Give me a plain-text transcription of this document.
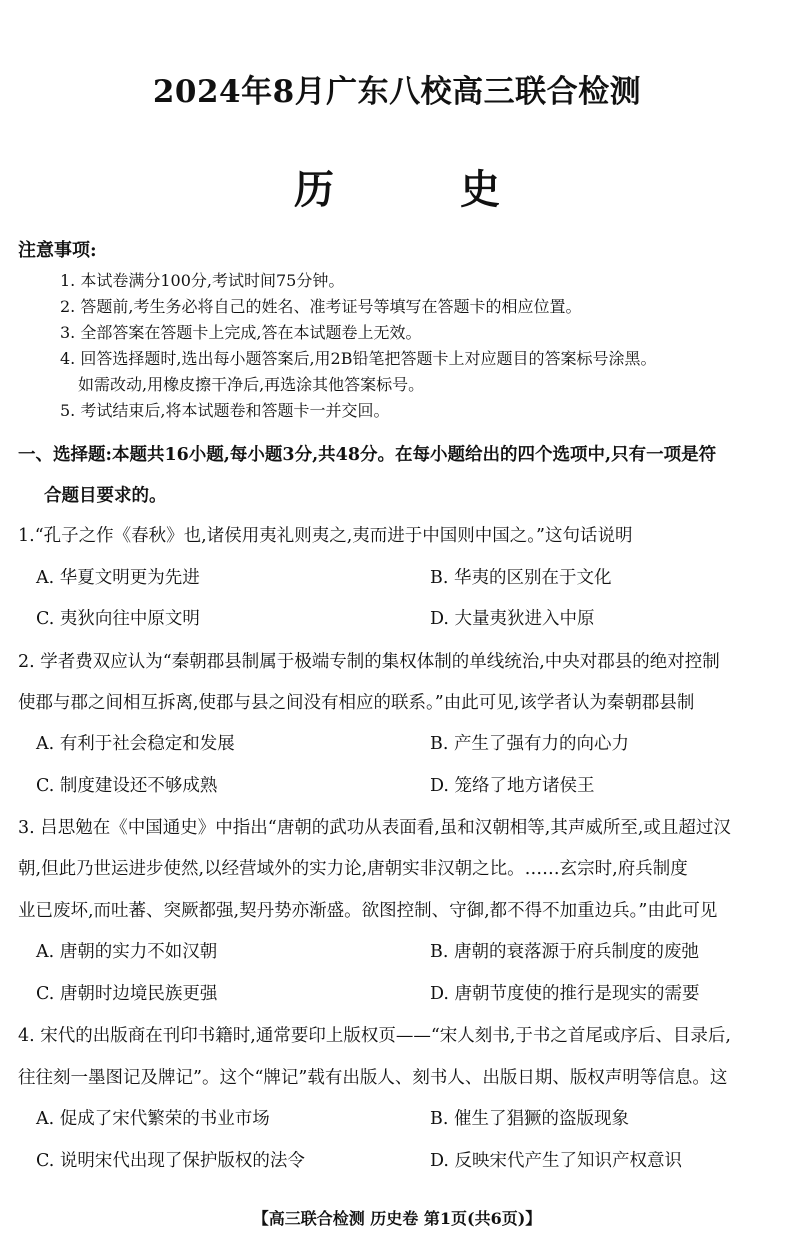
2024年8月广东八校高三联合检测
历 史
注意事项:
1. 本试卷满分100分,考试时间75分钟。
2. 答题前,考生务必将自己的姓名、准考证号等填写在答题卡的相应位置。
3. 全部答案在答题卡上完成,答在本试题卷上无效。
4. 回答选择题时,选出每小题答案后,用2B铅笔把答题卡上对应题目的答案标号涂黑。
如需改动,用橡皮擦干净后,再选涂其他答案标号。
5. 考试结束后,将本试题卷和答题卡一并交回。
一、选择题:本题共16小题,每小题3分,共48分。在每小题给出的四个选项中,只有一项是符
合题目要求的。
1.“孔子之作《春秋》也,诸侯用夷礼则夷之,夷而进于中国则中国之。”这句话说明
A. 华夏文明更为先进	B. 华夷的区别在于文化
C. 夷狄向往中原文明	D. 大量夷狄进入中原
2. 学者费双应认为“秦朝郡县制属于极端专制的集权体制的单线统治,中央对郡县的绝对控制
使郡与郡之间相互拆离,使郡与县之间没有相应的联系。”由此可见,该学者认为秦朝郡县制
A. 有利于社会稳定和发展	B. 产生了强有力的向心力
C. 制度建设还不够成熟	D. 笼络了地方诸侯王
3. 吕思勉在《中国通史》中指出“唐朝的武功从表面看,虽和汉朝相等,其声威所至,或且超过汉
朝,但此乃世运进步使然,以经营域外的实力论,唐朝实非汉朝之比。……玄宗时,府兵制度
业已废坏,而吐蕃、突厥都强,契丹势亦渐盛。欲图控制、守御,都不得不加重边兵。”由此可见
A. 唐朝的实力不如汉朝	B. 唐朝的衰落源于府兵制度的废弛
C. 唐朝时边境民族更强	D. 唐朝节度使的推行是现实的需要
4. 宋代的出版商在刊印书籍时,通常要印上版权页——“宋人刻书,于书之首尾或序后、目录后,
往往刻一墨图记及牌记”。这个“牌记”载有出版人、刻书人、出版日期、版权声明等信息。这
A. 促成了宋代繁荣的书业市场	B. 催生了猖獗的盗版现象
C. 说明宋代出现了保护版权的法令	D. 反映宋代产生了知识产权意识
【高三联合检测 历史卷 第1页(共6页)】
